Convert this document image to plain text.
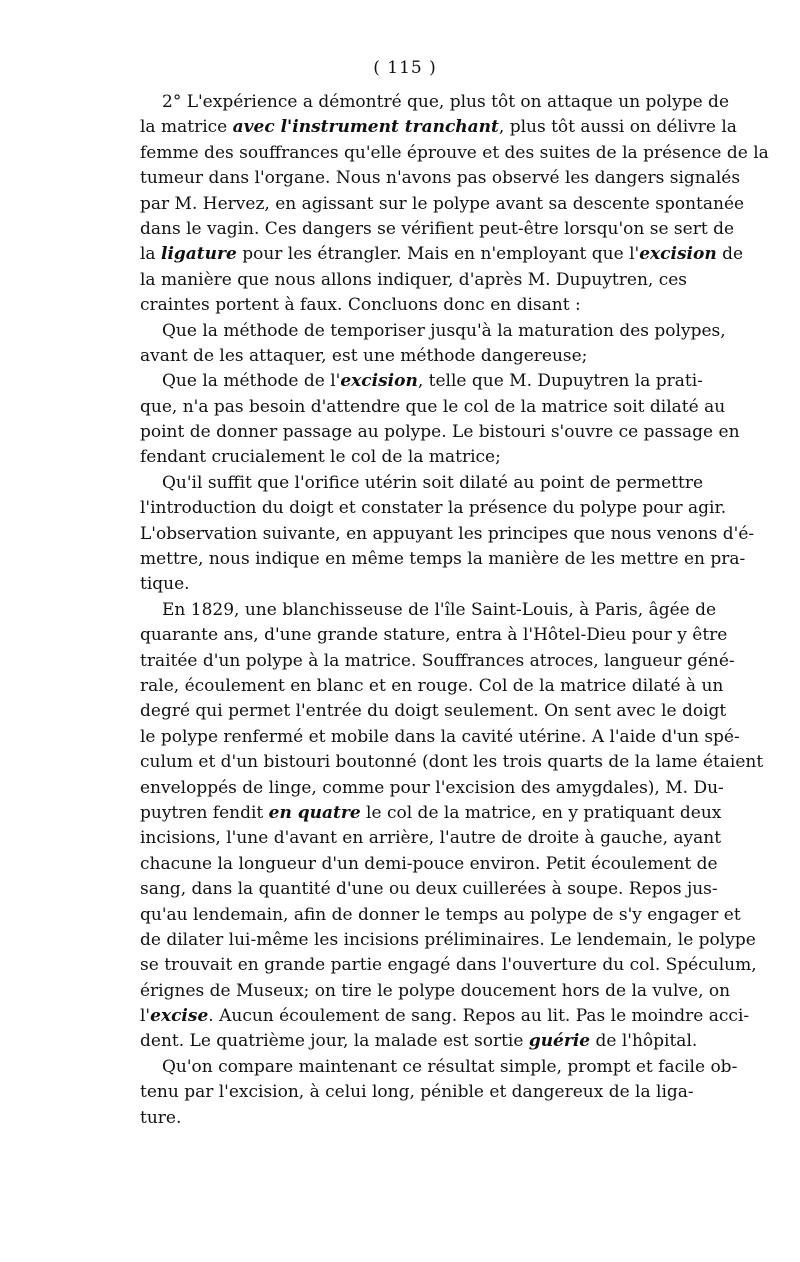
( 115 )
2° L'expérience a démontré que, plus tôt on attaque un polype de
la matrice avec l'instrument tranchant, plus tôt aussi on délivre la
femme des souffrances qu'elle éprouve et des suites de la présence de la
tumeur dans l'organe. Nous n'avons pas observé les dangers signalés
par M. Hervez, en agissant sur le polype avant sa descente spontanée
dans le vagin. Ces dangers se vérifient peut-être lorsqu'on se sert de
la ligature pour les étrangler. Mais en n'employant que l'excision de
la manière que nous allons indiquer, d'après M. Dupuytren, ces
craintes portent à faux. Concluons donc en disant :
Que la méthode de temporiser jusqu'à la maturation des polypes,
avant de les attaquer, est une méthode dangereuse;
Que la méthode de l'excision, telle que M. Dupuytren la prati-
que, n'a pas besoin d'attendre que le col de la matrice soit dilaté au
point de donner passage au polype. Le bistouri s'ouvre ce passage en
fendant crucialement le col de la matrice;
Qu'il suffit que l'orifice utérin soit dilaté au point de permettre
l'introduction du doigt et constater la présence du polype pour agir.
L'observation suivante, en appuyant les principes que nous venons d'é-
mettre, nous indique en même temps la manière de les mettre en pra-
tique.
En 1829, une blanchisseuse de l'île Saint-Louis, à Paris, âgée de
quarante ans, d'une grande stature, entra à l'Hôtel-Dieu pour y être
traitée d'un polype à la matrice. Souffrances atroces, langueur géné-
rale, écoulement en blanc et en rouge. Col de la matrice dilaté à un
degré qui permet l'entrée du doigt seulement. On sent avec le doigt
le polype renfermé et mobile dans la cavité utérine. A l'aide d'un spé-
culum et d'un bistouri boutonné (dont les trois quarts de la lame étaient
enveloppés de linge, comme pour l'excision des amygdales), M. Du-
puytren fendit en quatre le col de la matrice, en y pratiquant deux
incisions, l'une d'avant en arrière, l'autre de droite à gauche, ayant
chacune la longueur d'un demi-pouce environ. Petit écoulement de
sang, dans la quantité d'une ou deux cuillerées à soupe. Repos jus-
qu'au lendemain, afin de donner le temps au polype de s'y engager et
de dilater lui-même les incisions préliminaires. Le lendemain, le polype
se trouvait en grande partie engagé dans l'ouverture du col. Spéculum,
érignes de Museux; on tire le polype doucement hors de la vulve, on
l'excise. Aucun écoulement de sang. Repos au lit. Pas le moindre acci-
dent. Le quatrième jour, la malade est sortie guérie de l'hôpital.
Qu'on compare maintenant ce résultat simple, prompt et facile ob-
tenu par l'excision, à celui long, pénible et dangereux de la liga-
ture.
